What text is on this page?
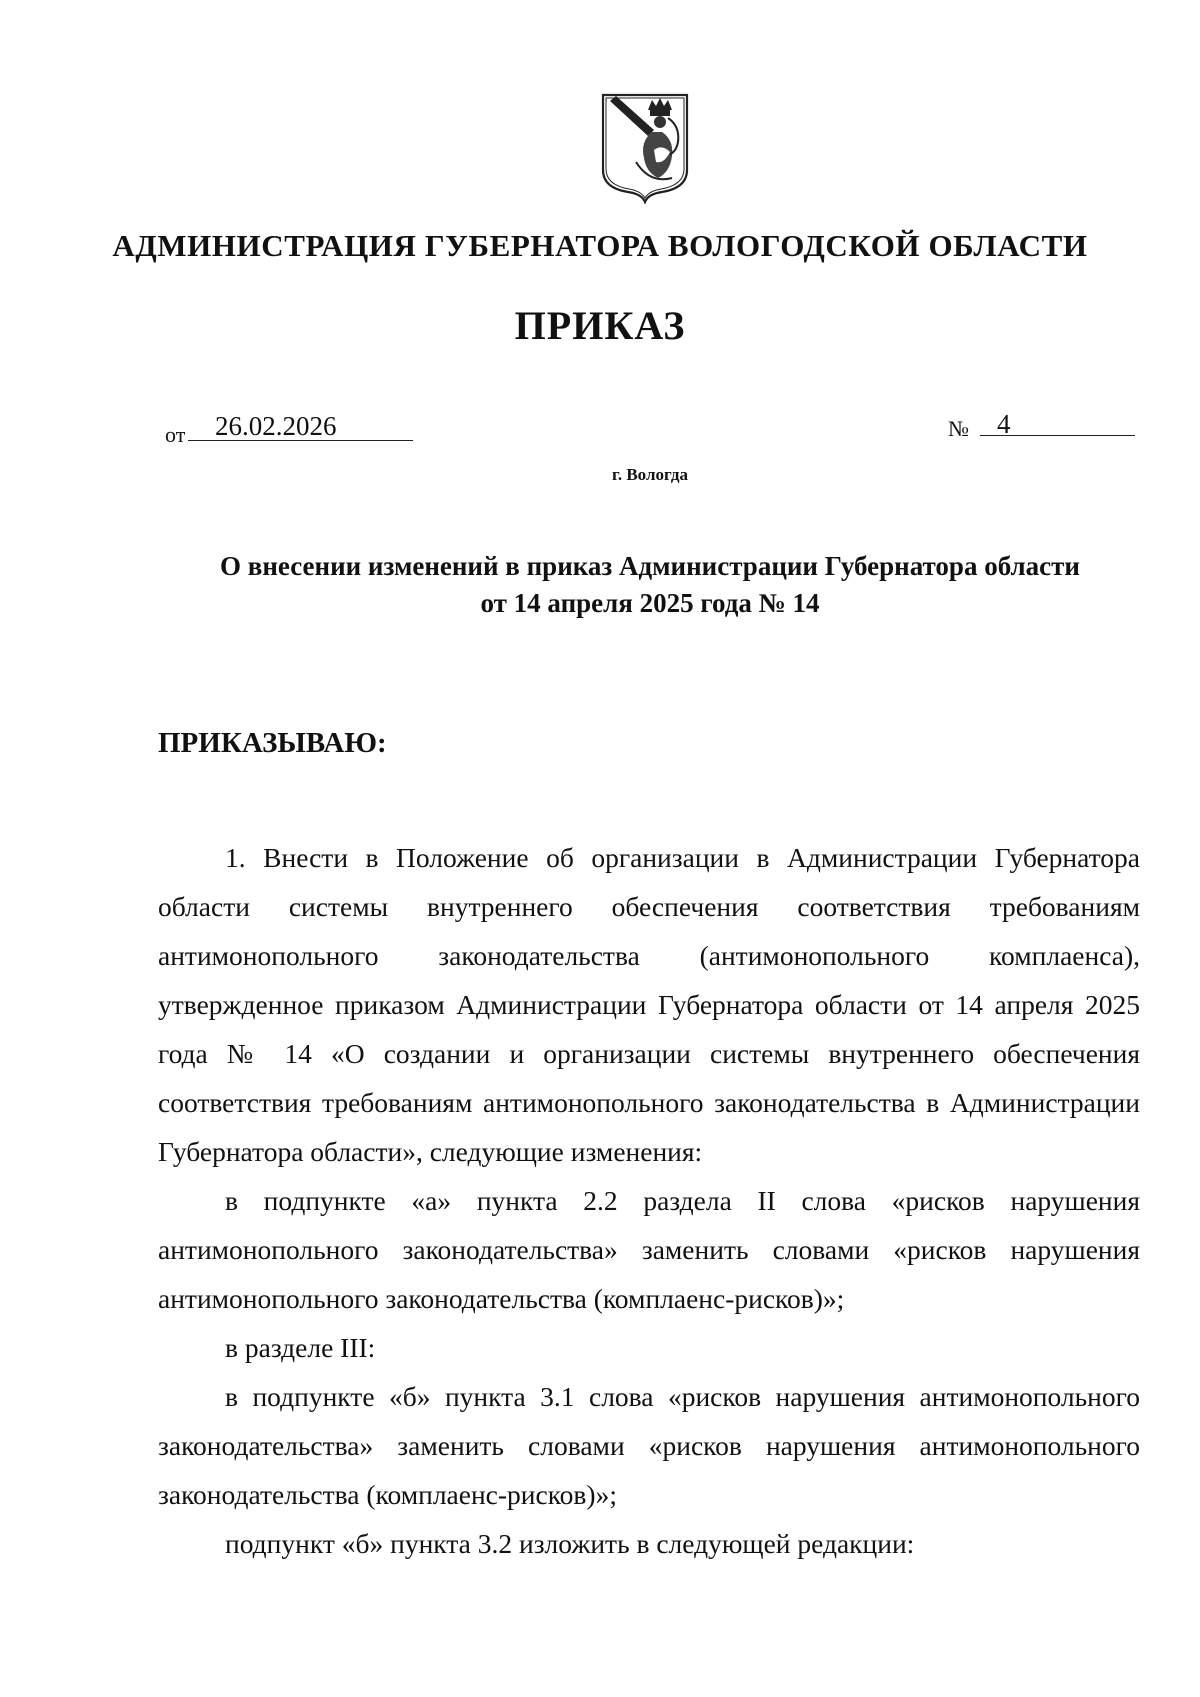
АДМИНИСТРАЦИЯ ГУБЕРНАТОРА ВОЛОГОДСКОЙ ОБЛАСТИ
ПРИКАЗ
от 26.02.2026	№ 4
г. Вологда
О внесении изменений в приказ Администрации Губернатора области
от 14 апреля 2025 года № 14
ПРИКАЗЫВАЮ:

1. Внести в Положение об организации в Администрации Губернатора области системы внутреннего обеспечения соответствия требованиям антимонопольного законодательства (антимонопольного комплаенса), утвержденное приказом Администрации Губернатора области от 14 апреля 2025 года № 14 «О создании и организации системы внутреннего обеспечения соответствия требованиям антимонопольного законодательства в Администрации Губернатора области», следующие изменения:

в подпункте «а» пункта 2.2 раздела II слова «рисков нарушения антимонопольного законодательства» заменить словами «рисков нарушения антимонопольного законодательства (комплаенс-рисков)»;

в разделе III:

в подпункте «б» пункта 3.1 слова «рисков нарушения антимонопольного законодательства» заменить словами «рисков нарушения антимонопольного законодательства (комплаенс-рисков)»;

подпункт «б» пункта 3.2 изложить в следующей редакции:
